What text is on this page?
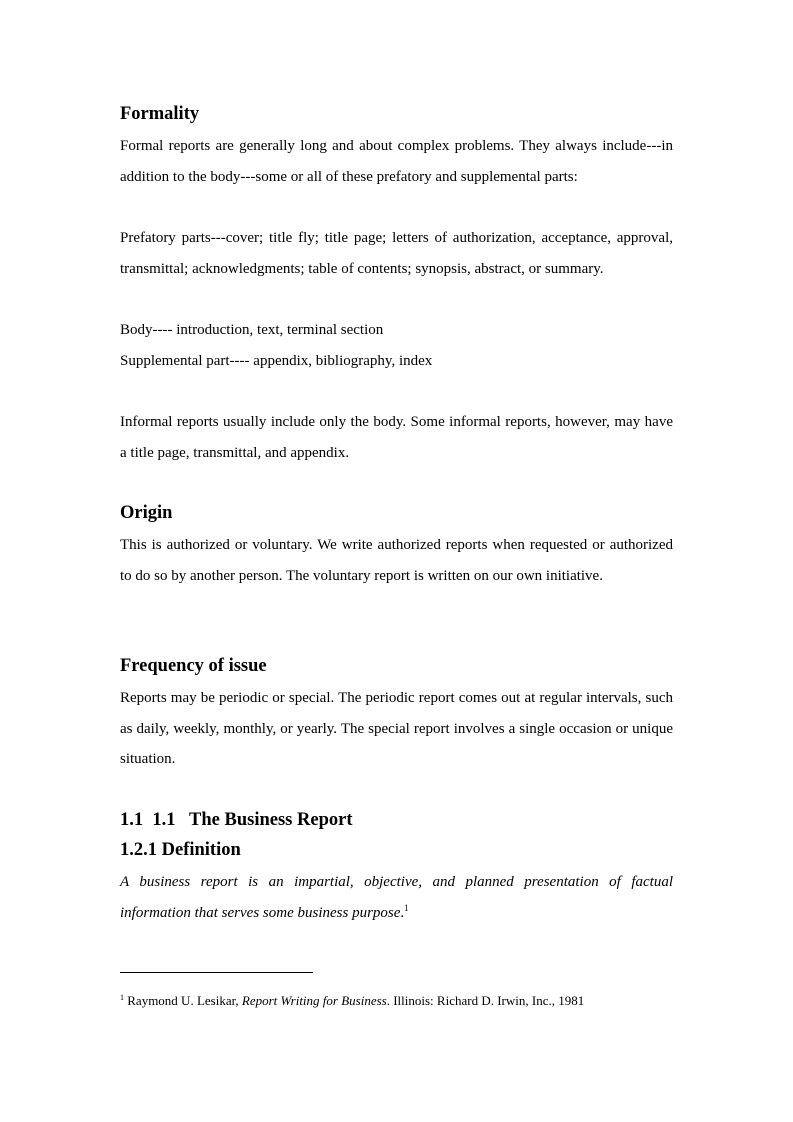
Formality

Formal reports are generally long and about complex problems. They always include---in addition to the body---some or all of these prefatory and supplemental parts:

Prefatory parts---cover; title fly; title page; letters of authorization, acceptance, approval, transmittal; acknowledgments; table of contents; synopsis, abstract, or summary.

Body---- introduction, text, terminal section

Supplemental part---- appendix, bibliography, index

Informal reports usually include only the body. Some informal reports, however, may have a title page, transmittal, and appendix.

Origin

This is authorized or voluntary. We write authorized reports when requested or authorized to do so by another person. The voluntary report is written on our own initiative.

Frequency of issue

Reports may be periodic or special. The periodic report comes out at regular intervals, such as daily, weekly, monthly, or yearly. The special report involves a single occasion or unique situation.

1.1  1.1   The Business Report
1.2.1 Definition

A business report is an impartial, objective, and planned presentation of factual information that serves some business purpose.$^1$

$^1$ Raymond U. Lesikar, Report Writing for Business. Illinois: Richard D. Irwin, Inc., 1981
